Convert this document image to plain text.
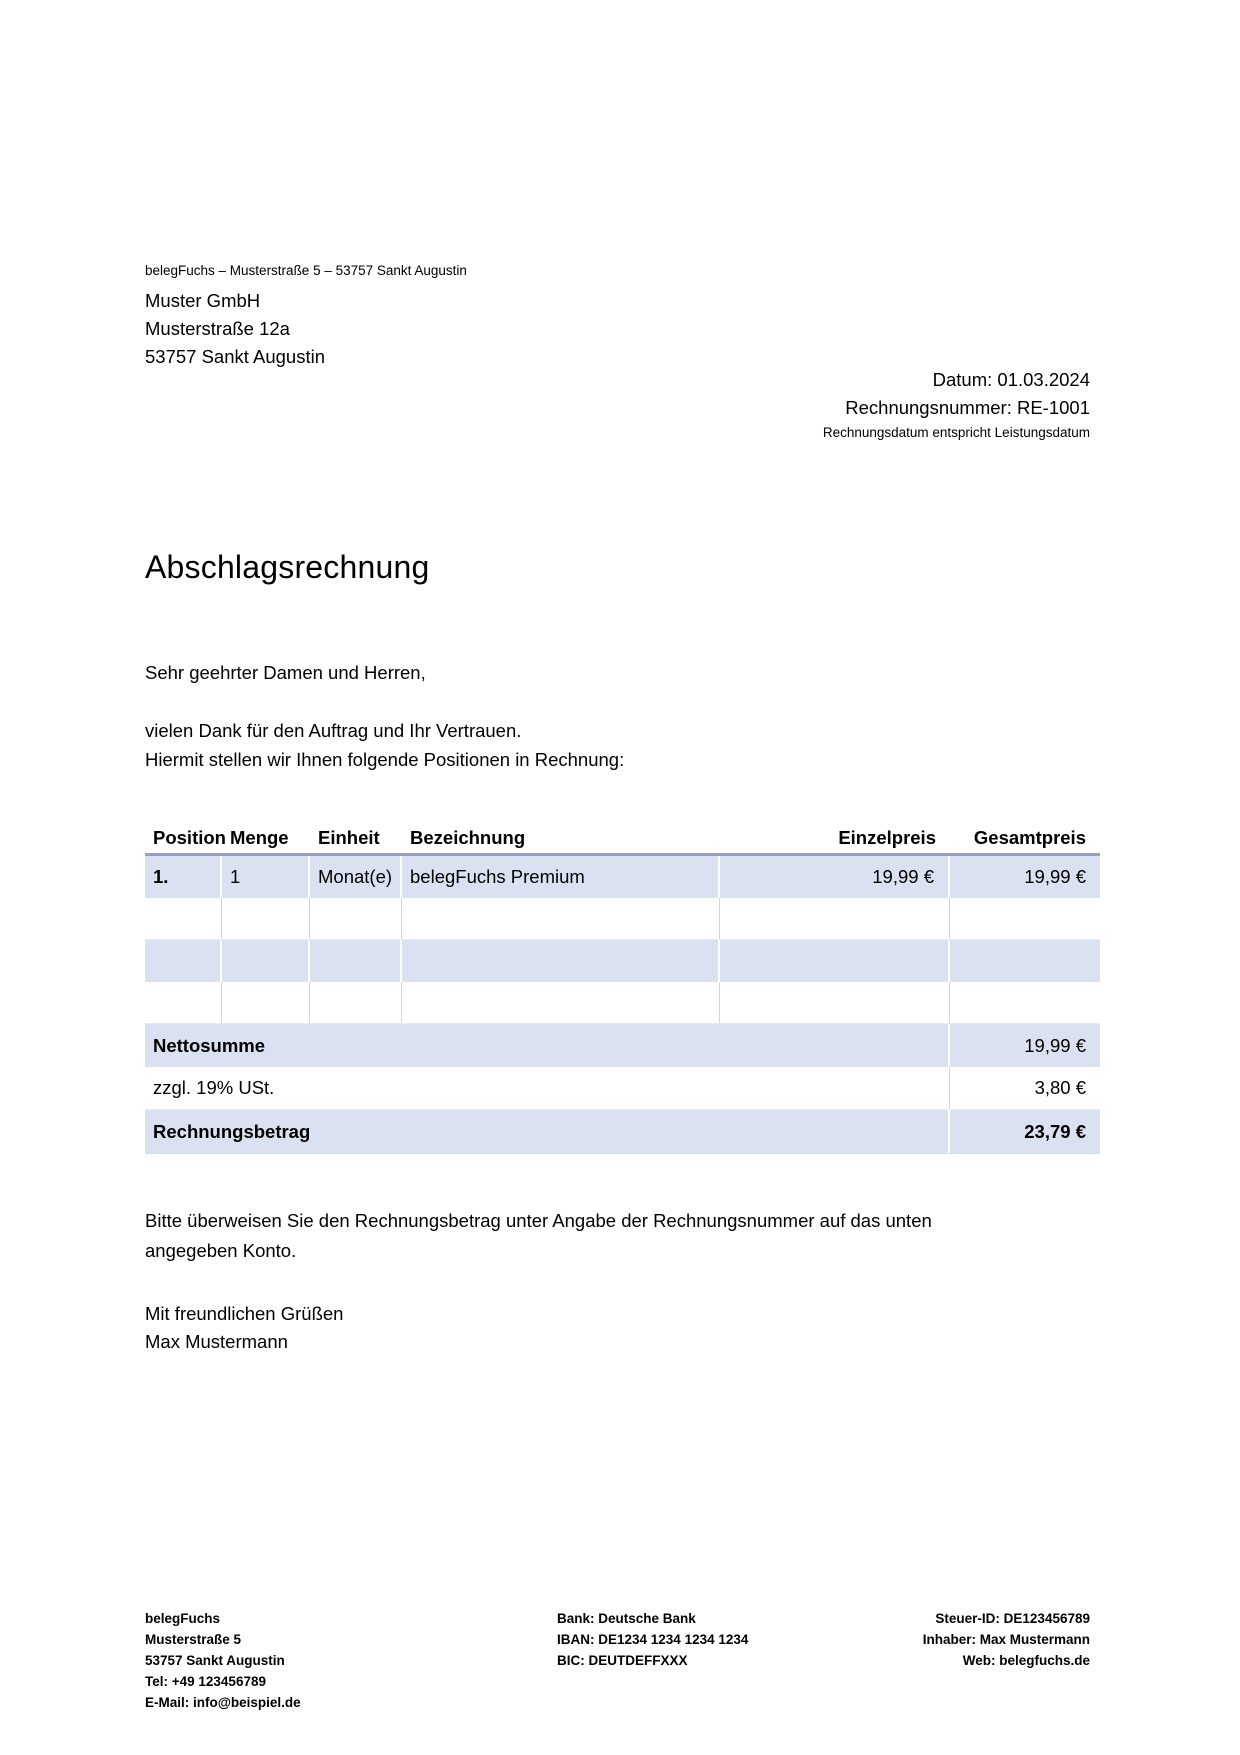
belegFuchs – Musterstraße 5 – 53757 Sankt Augustin
Muster GmbH
Musterstraße 12a
53757 Sankt Augustin
Datum: 01.03.2024
Rechnungsnummer: RE-1001
Rechnungsdatum entspricht Leistungsdatum
Abschlagsrechnung
Sehr geehrter Damen und Herren,
vielen Dank für den Auftrag und Ihr Vertrauen.
Hiermit stellen wir Ihnen folgende Positionen in Rechnung:
Position Menge	Einheit	Bezeichnung	Einzelpreis	Gesamtpreis
1.	1	Monat(e) belegFuchs Premium	19,99 €	19,99 €
Nettosumme	19,99 €
zzgl. 19% USt.	3,80 €
Rechnungsbetrag	23,79 €
Bitte überweisen Sie den Rechnungsbetrag unter Angabe der Rechnungsnummer auf das unten
angegeben Konto.
Mit freundlichen Grüßen
Max Mustermann
belegFuchs
Musterstraße 5
53757 Sankt Augustin
Tel: +49 123456789
E-Mail: info@beispiel.de
Bank: Deutsche Bank
IBAN: DE1234 1234 1234 1234
BIC: DEUTDEFFXXX
Steuer-ID: DE123456789
Inhaber: Max Mustermann
Web: belegfuchs.de
